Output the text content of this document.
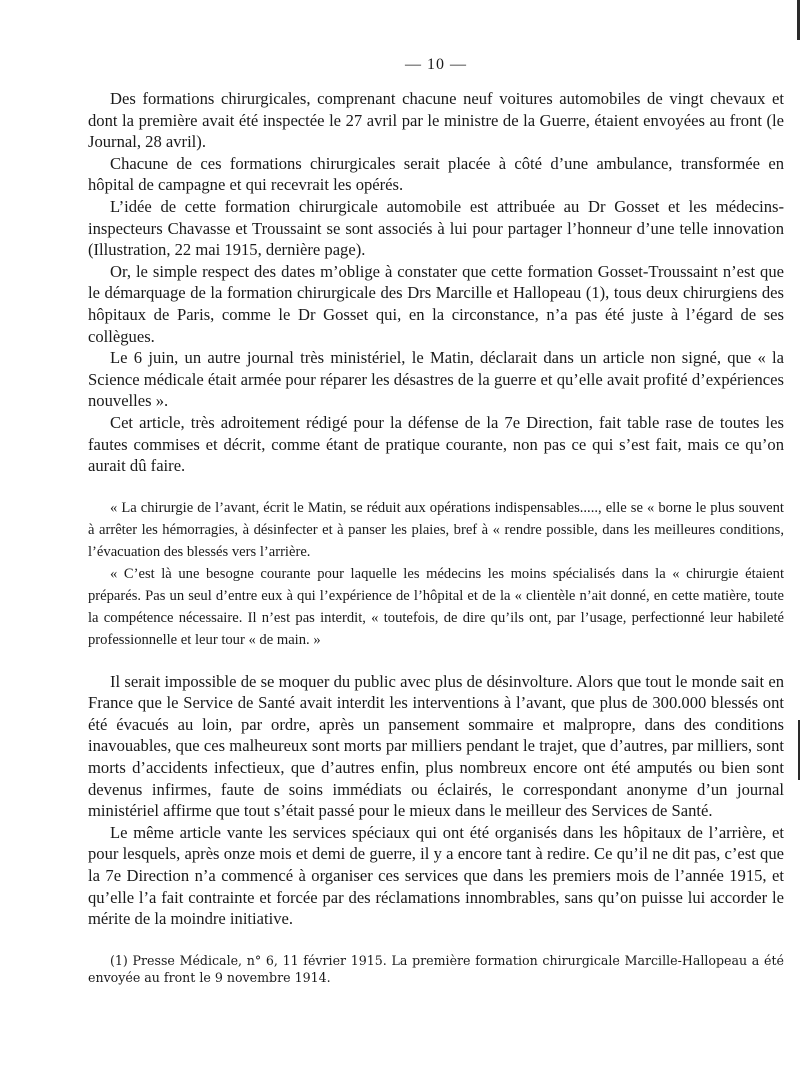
— 10 —

Des formations chirurgicales, comprenant chacune neuf voitures automobiles de vingt chevaux et dont la première avait été inspectée le 27 avril par le ministre de la Guerre, étaient envoyées au front (le Journal, 28 avril).

Chacune de ces formations chirurgicales serait placée à côté d’une ambulance, transformée en hôpital de campagne et qui recevrait les opérés.

L’idée de cette formation chirurgicale automobile est attribuée au Dr Gosset et les médecins-inspecteurs Chavasse et Troussaint se sont associés à lui pour partager l’honneur d’une telle innovation (Illustration, 22 mai 1915, dernière page).

Or, le simple respect des dates m’oblige à constater que cette formation Gosset-Troussaint n’est que le démarquage de la formation chirurgicale des Drs Marcille et Hallopeau (1), tous deux chirurgiens des hôpitaux de Paris, comme le Dr Gosset qui, en la circonstance, n’a pas été juste à l’égard de ses collègues.

Le 6 juin, un autre journal très ministériel, le Matin, déclarait dans un article non signé, que « la Science médicale était armée pour réparer les désastres de la guerre et qu’elle avait profité d’expériences nouvelles ».

Cet article, très adroitement rédigé pour la défense de la 7e Direction, fait table rase de toutes les fautes commises et décrit, comme étant de pratique courante, non pas ce qui s’est fait, mais ce qu’on aurait dû faire.

« La chirurgie de l’avant, écrit le Matin, se réduit aux opérations indispensables....., elle se « borne le plus souvent à arrêter les hémorragies, à désinfecter et à panser les plaies, bref à « rendre possible, dans les meilleures conditions, l’évacuation des blessés vers l’arrière.

« C’est là une besogne courante pour laquelle les médecins les moins spécialisés dans la « chirurgie étaient préparés. Pas un seul d’entre eux à qui l’expérience de l’hôpital et de la « clientèle n’ait donné, en cette matière, toute la compétence nécessaire. Il n’est pas interdit, « toutefois, de dire qu’ils ont, par l’usage, perfectionné leur habileté professionnelle et leur tour « de main. »

Il serait impossible de se moquer du public avec plus de désinvolture. Alors que tout le monde sait en France que le Service de Santé avait interdit les interventions à l’avant, que plus de 300.000 blessés ont été évacués au loin, par ordre, après un pansement sommaire et malpropre, dans des conditions inavouables, que ces malheureux sont morts par milliers pendant le trajet, que d’autres, par milliers, sont morts d’accidents infectieux, que d’autres enfin, plus nombreux encore ont été amputés ou bien sont devenus infirmes, faute de soins immédiats ou éclairés, le correspondant anonyme d’un journal ministériel affirme que tout s’était passé pour le mieux dans le meilleur des Services de Santé.

Le même article vante les services spéciaux qui ont été organisés dans les hôpitaux de l’arrière, et pour lesquels, après onze mois et demi de guerre, il y a encore tant à redire. Ce qu’il ne dit pas, c’est que la 7e Direction n’a commencé à organiser ces services que dans les premiers mois de l’année 1915, et qu’elle l’a fait contrainte et forcée par des réclamations innombrables, sans qu’on puisse lui accorder le mérite de la moindre initiative.

(1) Presse Médicale, n° 6, 11 février 1915. La première formation chirurgicale Marcille-Hallopeau a été envoyée au front le 9 novembre 1914.
